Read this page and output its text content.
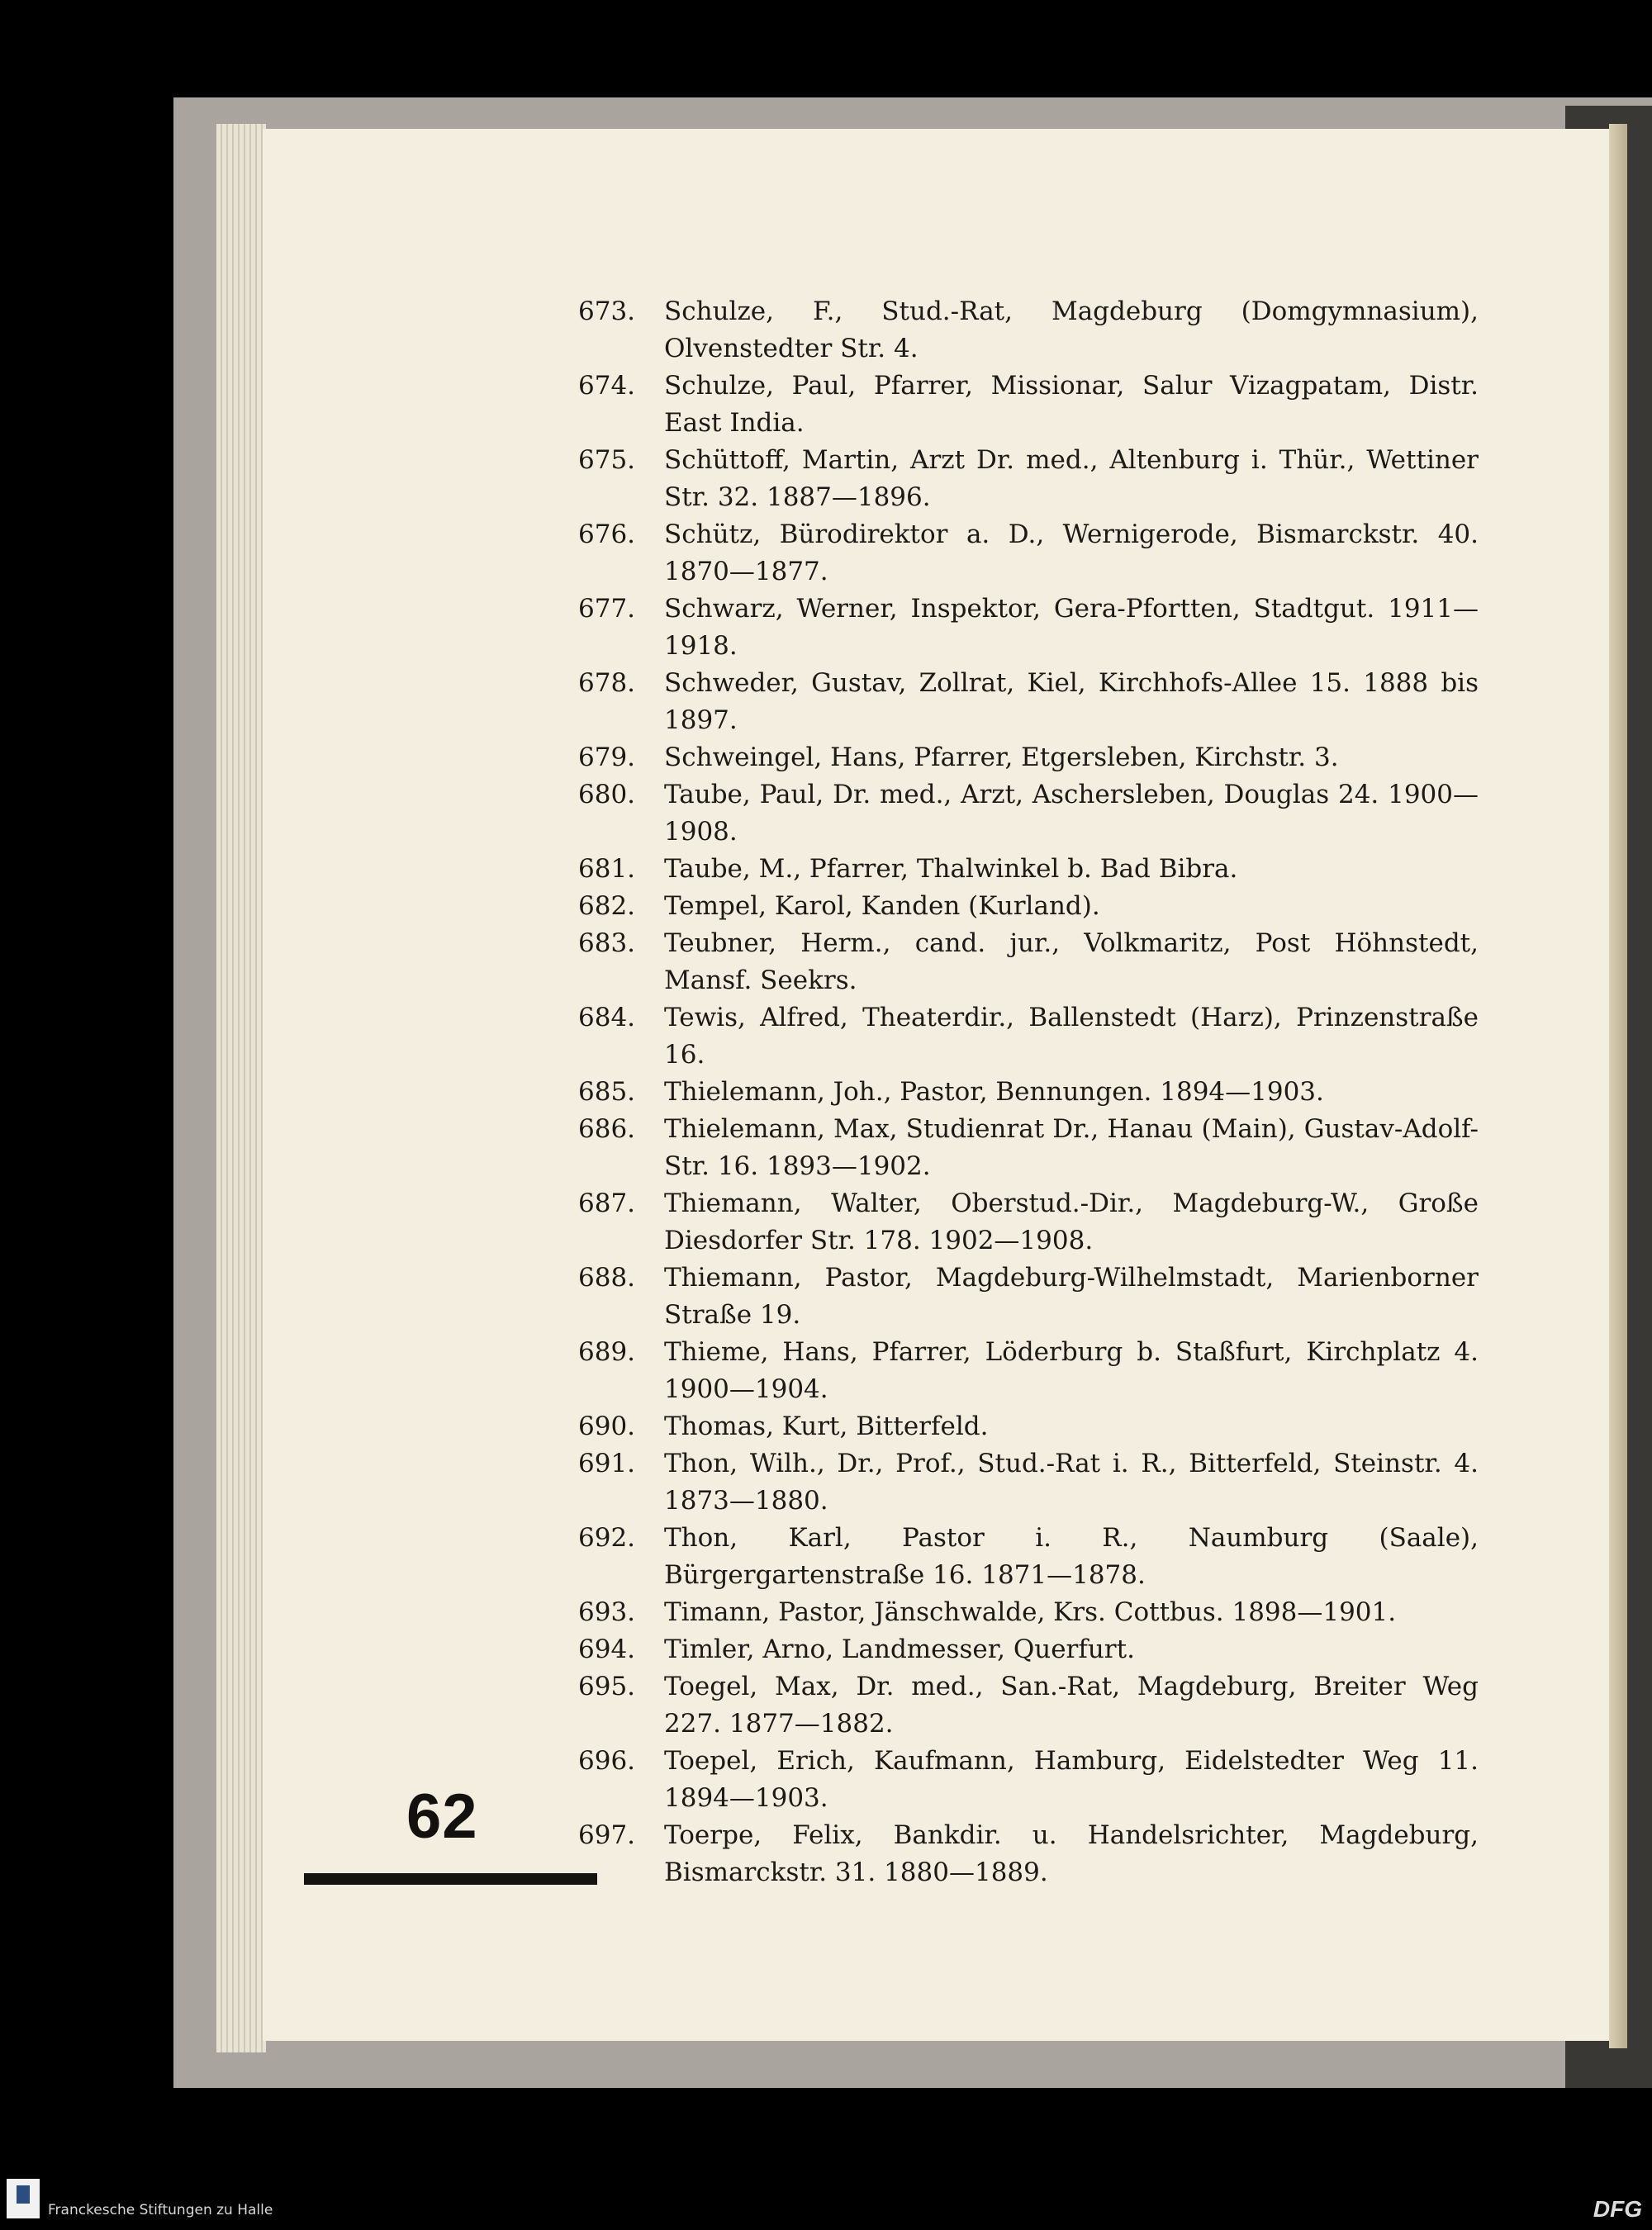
673.	Schulze, F., Stud.-Rat, Magdeburg (Domgymnasium), Olvenstedter Str. 4.
674.	Schulze, Paul, Pfarrer, Missionar, Salur Vizagpatam, Distr. East India.
675.	Schüttoff, Martin, Arzt Dr. med., Altenburg i. Thür., Wettiner Str. 32. 1887—1896.
676.	Schütz, Bürodirektor a. D., Wernigerode, Bismarckstr. 40. 1870—1877.
677.	Schwarz, Werner, Inspektor, Gera-Pfortten, Stadtgut. 1911—1918.
678.	Schweder, Gustav, Zollrat, Kiel, Kirchhofs-Allee 15. 1888 bis 1897.
679.	Schweingel, Hans, Pfarrer, Etgersleben, Kirchstr. 3.
680.	Taube, Paul, Dr. med., Arzt, Aschersleben, Douglas 24. 1900—1908.
681.	Taube, M., Pfarrer, Thalwinkel b. Bad Bibra.
682.	Tempel, Karol, Kanden (Kurland).
683.	Teubner, Herm., cand. jur., Volkmaritz, Post Höhnstedt, Mansf. Seekrs.
684.	Tewis, Alfred, Theaterdir., Ballenstedt (Harz), Prinzenstraße 16.
685.	Thielemann, Joh., Pastor, Bennungen. 1894—1903.
686.	Thielemann, Max, Studienrat Dr., Hanau (Main), Gustav-Adolf-Str. 16. 1893—1902.
687.	Thiemann, Walter, Oberstud.-Dir., Magdeburg-W., Große Diesdorfer Str. 178. 1902—1908.
688.	Thiemann, Pastor, Magdeburg-Wilhelmstadt, Marienborner Straße 19.
689.	Thieme, Hans, Pfarrer, Löderburg b. Staßfurt, Kirchplatz 4. 1900—1904.
690.	Thomas, Kurt, Bitterfeld.
691.	Thon, Wilh., Dr., Prof., Stud.-Rat i. R., Bitterfeld, Steinstr. 4. 1873—1880.
692.	Thon, Karl, Pastor i. R., Naumburg (Saale), Bürgergartenstraße 16. 1871—1878.
693.	Timann, Pastor, Jänschwalde, Krs. Cottbus. 1898—1901.
694.	Timler, Arno, Landmesser, Querfurt.
695.	Toegel, Max, Dr. med., San.-Rat, Magdeburg, Breiter Weg 227. 1877—1882.
696.	Toepel, Erich, Kaufmann, Hamburg, Eidelstedter Weg 11. 1894—1903.
697.	Toerpe, Felix, Bankdir. u. Handelsrichter, Magdeburg, Bismarckstr. 31. 1880—1889.
62
Franckesche Stiftungen zu Halle	DFG
